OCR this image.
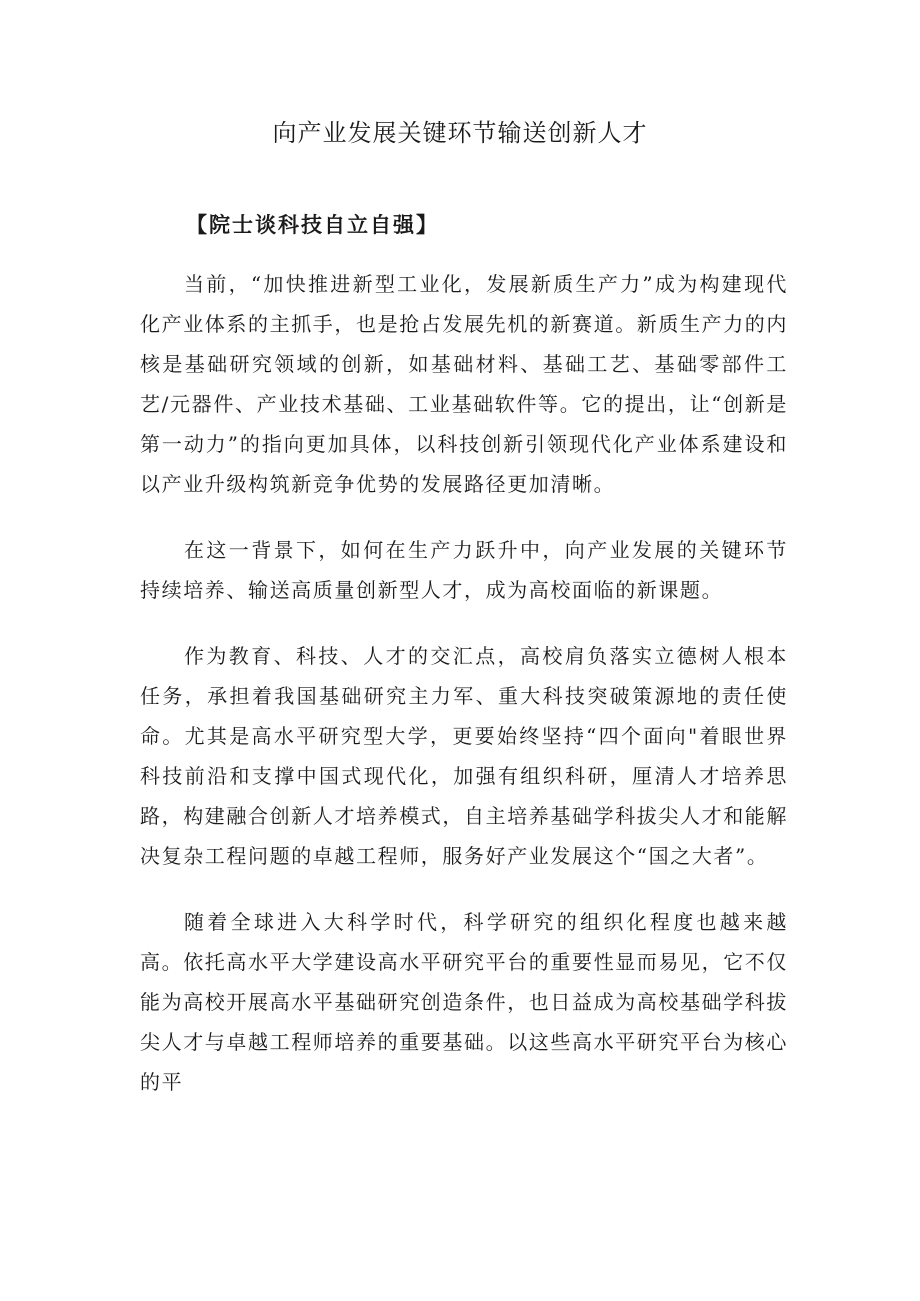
向产业发展关键环节输送创新人才
【院士谈科技自立自强】

当前，“加快推进新型工业化，发展新质生产力”成为构建现代化产业体系的主抓手，也是抢占发展先机的新赛道。新质生产力的内核是基础研究领域的创新，如基础材料、基础工艺、基础零部件工艺/元器件、产业技术基础、工业基础软件等。它的提出，让“创新是第一动力”的指向更加具体，以科技创新引领现代化产业体系建设和以产业升级构筑新竞争优势的发展路径更加清晰。

在这一背景下，如何在生产力跃升中，向产业发展的关键环节持续培养、输送高质量创新型人才，成为高校面临的新课题。

作为教育、科技、人才的交汇点，高校肩负落实立德树人根本任务，承担着我国基础研究主力军、重大科技突破策源地的责任使命。尤其是高水平研究型大学，更要始终坚持“四个面向"着眼世界科技前沿和支撑中国式现代化，加强有组织科研，厘清人才培养思路，构建融合创新人才培养模式，自主培养基础学科拔尖人才和能解决复杂工程问题的卓越工程师，服务好产业发展这个“国之大者”。

随着全球进入大科学时代，科学研究的组织化程度也越来越高。依托高水平大学建设高水平研究平台的重要性显而易见，它不仅能为高校开展高水平基础研究创造条件，也日益成为高校基础学科拔尖人才与卓越工程师培养的重要基础。以这些高水平研究平台为核心的平
